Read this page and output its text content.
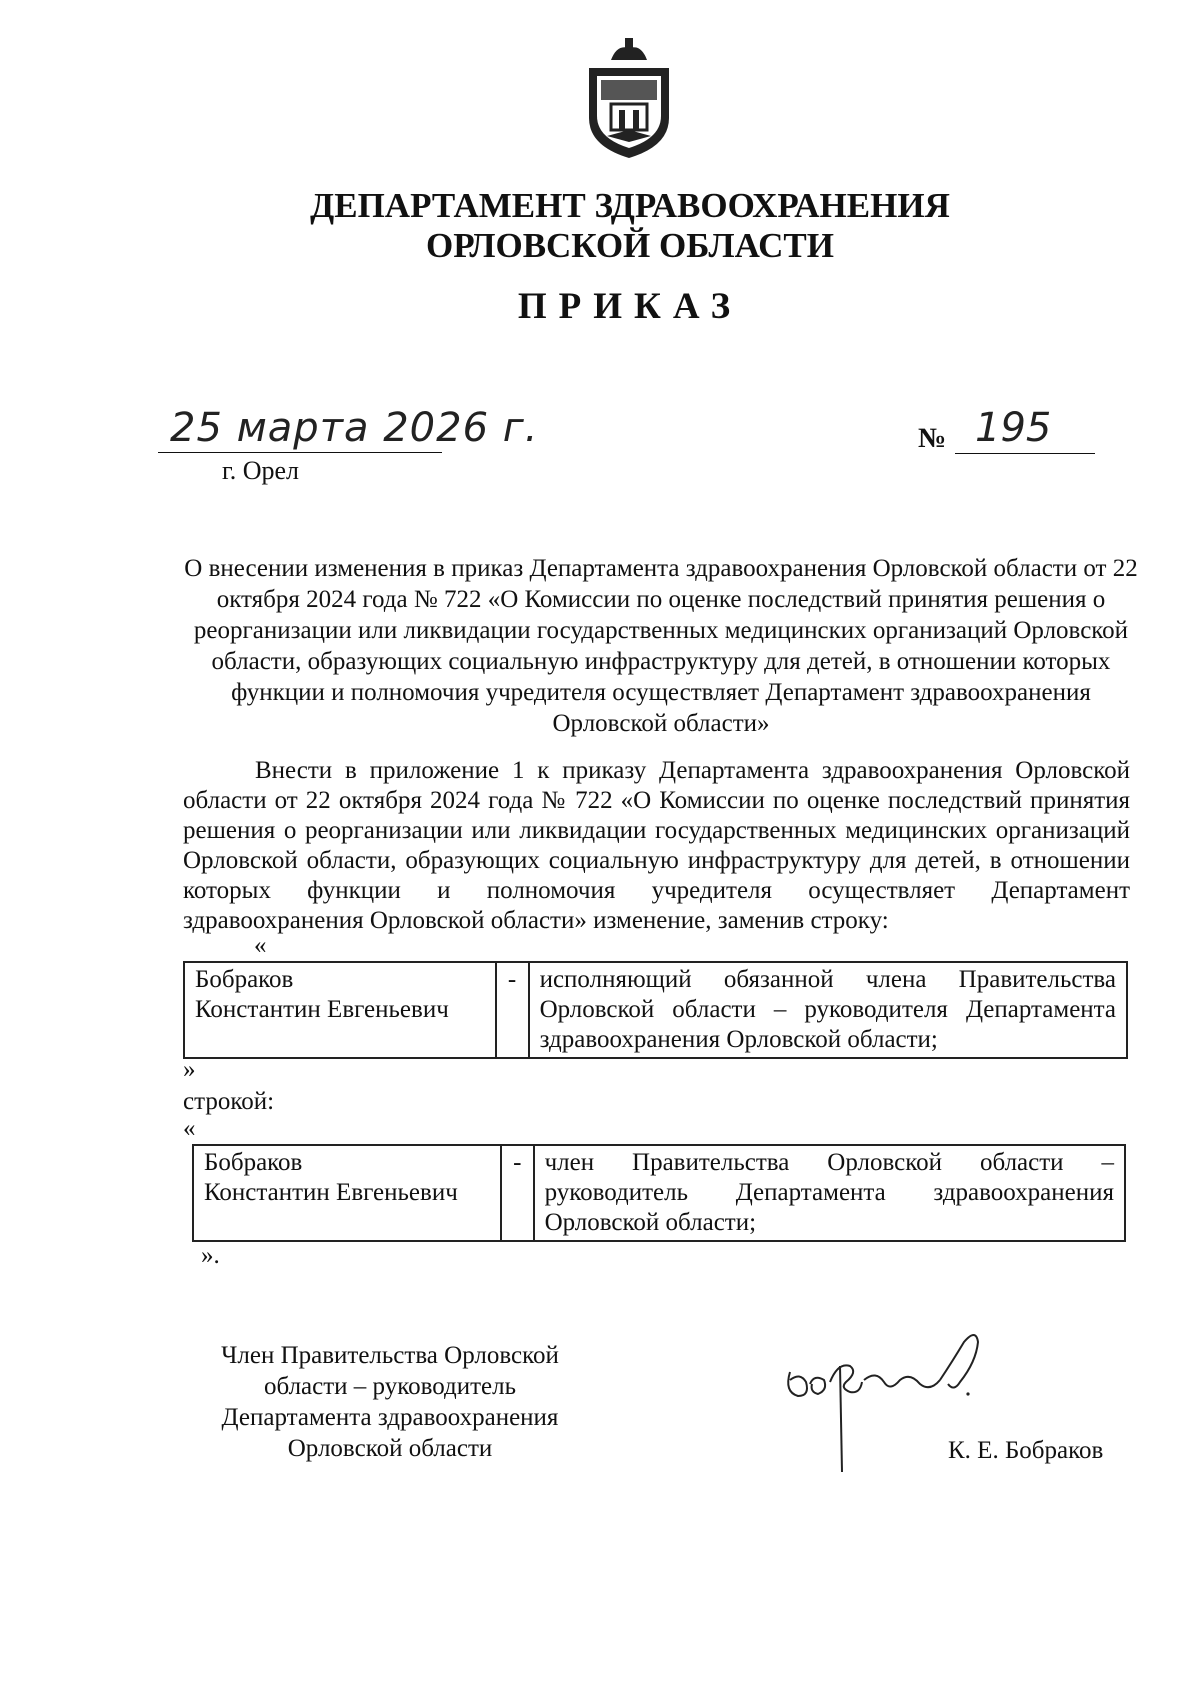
ДЕПАРТАМЕНТ ЗДРАВООХРАНЕНИЯ
ОРЛОВСКОЙ ОБЛАСТИ
ПРИКАЗ
25 марта 2026 г.
г. Орел
№ 195
О внесении изменения в приказ Департамента здравоохранения Орловской области от 22 октября 2024 года № 722 «О Комиссии по оценке последствий принятия решения о реорганизации или ликвидации государственных медицинских организаций Орловской области, образующих социальную инфраструктуру для детей, в отношении которых функции и полномочия учредителя осуществляет Департамент здравоохранения Орловской области»
Внести в приложение 1 к приказу Департамента здравоохранения Орловской области от 22 октября 2024 года № 722 «О Комиссии по оценке последствий принятия решения о реорганизации или ликвидации государственных медицинских организаций Орловской области, образующих социальную инфраструктуру для детей, в отношении которых функции и полномочия учредителя осуществляет Департамент здравоохранения Орловской области» изменение, заменив строку:
«
Бобраков
Константин Евгеньевич
	-	исполняющий обязанной члена Правительства Орловской области – руководителя Департамента здравоохранения Орловской области;
»
строкой:
«
Бобраков
Константин Евгеньевич
	-	член Правительства Орловской области – руководитель Департамента здравоохранения Орловской области;
».
Член Правительства Орловской
области – руководитель
Департамента здравоохранения
Орловской области	К. Е. Бобраков
